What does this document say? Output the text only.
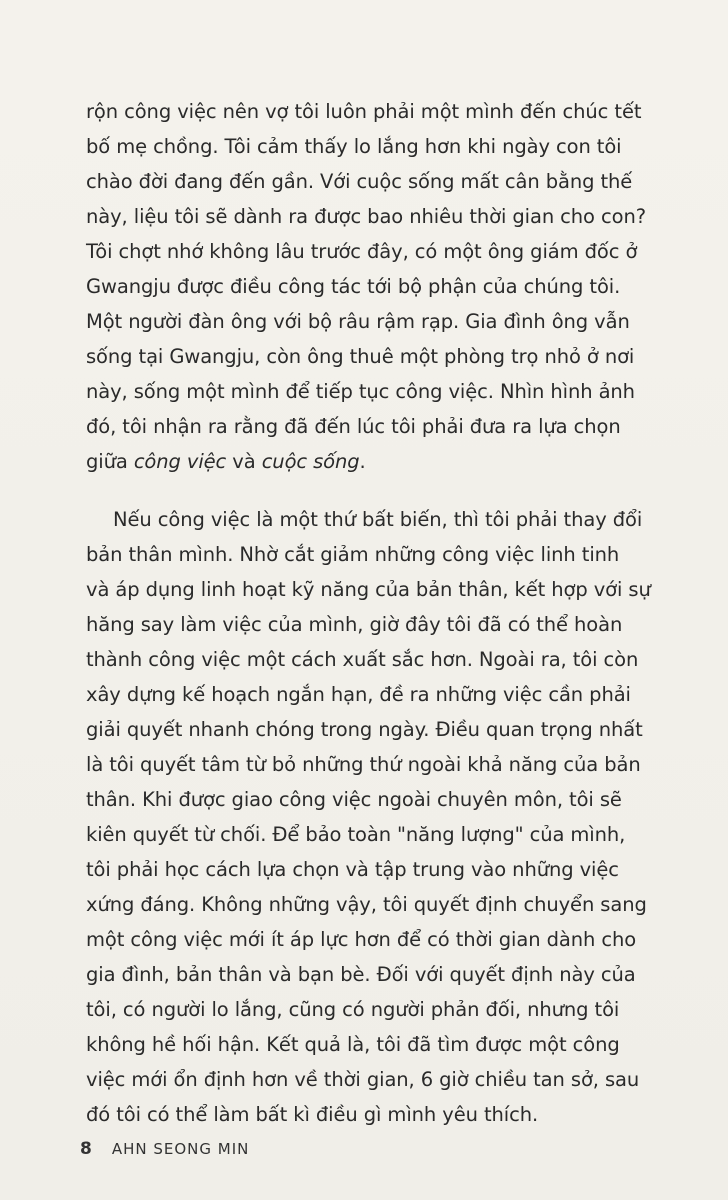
rộn công việc nên vợ tôi luôn phải một mình đến chúc tết
bố mẹ chồng. Tôi cảm thấy lo lắng hơn khi ngày con tôi
chào đời đang đến gần. Với cuộc sống mất cân bằng thế
này, liệu tôi sẽ dành ra được bao nhiêu thời gian cho con?
Tôi chợt nhớ không lâu trước đây, có một ông giám đốc ở
Gwangju được điều công tác tới bộ phận của chúng tôi.
Một người đàn ông với bộ râu rậm rạp. Gia đình ông vẫn
sống tại Gwangju, còn ông thuê một phòng trọ nhỏ ở nơi
này, sống một mình để tiếp tục công việc. Nhìn hình ảnh
đó, tôi nhận ra rằng đã đến lúc tôi phải đưa ra lựa chọn
giữa công việc và cuộc sống.

Nếu công việc là một thứ bất biến, thì tôi phải thay đổi
bản thân mình. Nhờ cắt giảm những công việc linh tinh
và áp dụng linh hoạt kỹ năng của bản thân, kết hợp với sự
hăng say làm việc của mình, giờ đây tôi đã có thể hoàn
thành công việc một cách xuất sắc hơn. Ngoài ra, tôi còn
xây dựng kế hoạch ngắn hạn, đề ra những việc cần phải
giải quyết nhanh chóng trong ngày. Điều quan trọng nhất
là tôi quyết tâm từ bỏ những thứ ngoài khả năng của bản
thân. Khi được giao công việc ngoài chuyên môn, tôi sẽ
kiên quyết từ chối. Để bảo toàn "năng lượng" của mình,
tôi phải học cách lựa chọn và tập trung vào những việc
xứng đáng. Không những vậy, tôi quyết định chuyển sang
một công việc mới ít áp lực hơn để có thời gian dành cho
gia đình, bản thân và bạn bè. Đối với quyết định này của
tôi, có người lo lắng, cũng có người phản đối, nhưng tôi
không hề hối hận. Kết quả là, tôi đã tìm được một công
việc mới ổn định hơn về thời gian, 6 giờ chiều tan sở, sau
đó tôi có thể làm bất kì điều gì mình yêu thích.

8 AHN SEONG MIN
